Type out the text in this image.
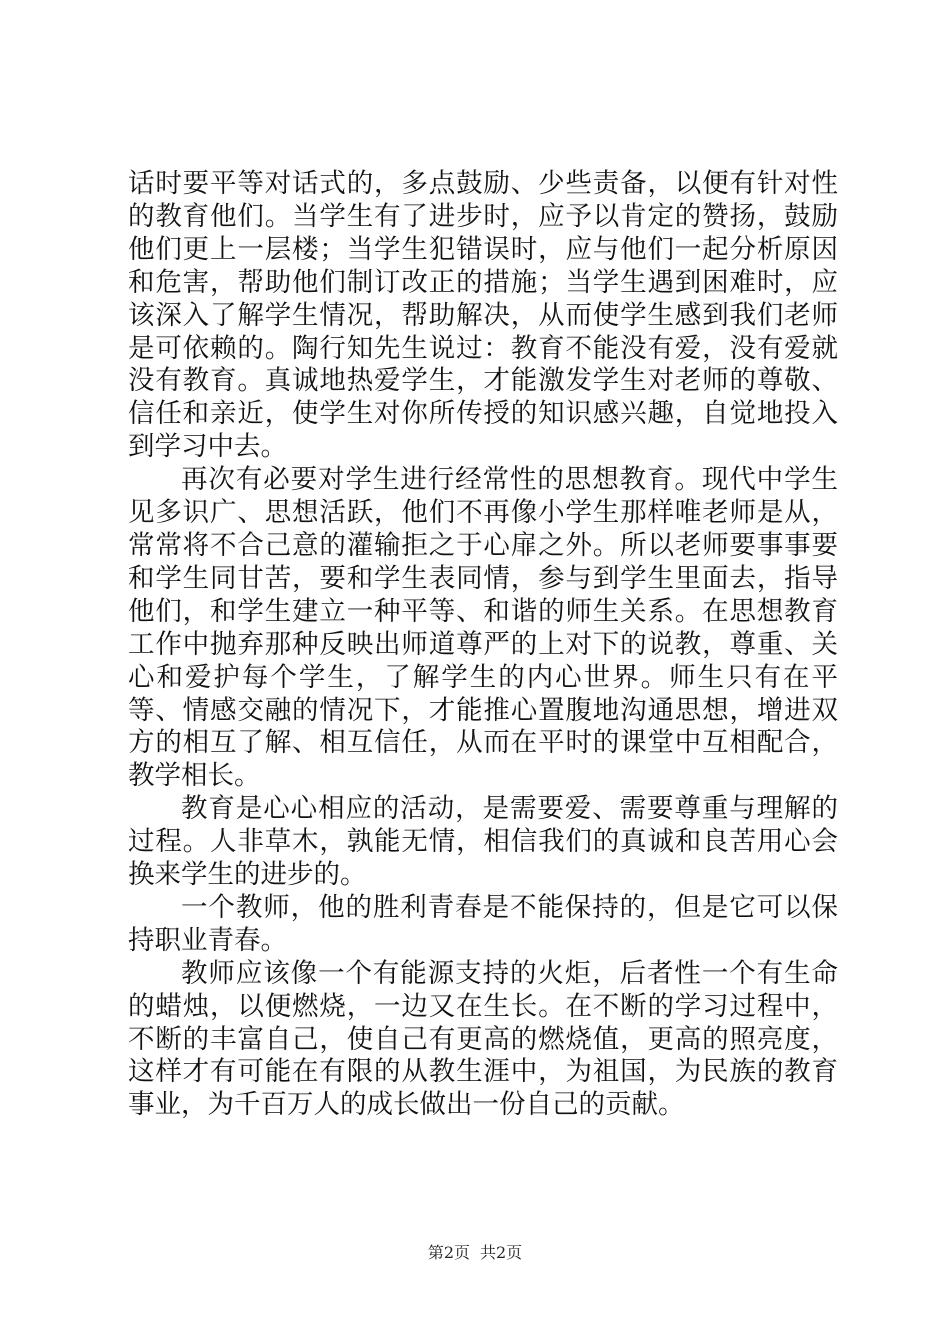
话时要平等对话式的，多点鼓励、少些责备，以便有针对性的教育他们。当学生有了进步时，应予以肯定的赞扬，鼓励他们更上一层楼；当学生犯错误时，应与他们一起分析原因和危害，帮助他们制订改正的措施；当学生遇到困难时，应该深入了解学生情况，帮助解决，从而使学生感到我们老师是可依赖的。陶行知先生说过：教育不能没有爱，没有爱就没有教育。真诚地热爱学生，才能激发学生对老师的尊敬、信任和亲近，使学生对你所传授的知识感兴趣，自觉地投入到学习中去。

再次有必要对学生进行经常性的思想教育。现代中学生见多识广、思想活跃，他们不再像小学生那样唯老师是从，常常将不合己意的灌输拒之于心扉之外。所以老师要事事要和学生同甘苦，要和学生表同情，参与到学生里面去，指导他们，和学生建立一种平等、和谐的师生关系。在思想教育工作中抛弃那种反映出师道尊严的上对下的说教，尊重、关心和爱护每个学生，了解学生的内心世界。师生只有在平等、情感交融的情况下，才能推心置腹地沟通思想，增进双方的相互了解、相互信任，从而在平时的课堂中互相配合，教学相长。

教育是心心相应的活动，是需要爱、需要尊重与理解的过程。人非草木，孰能无情，相信我们的真诚和良苦用心会换来学生的进步的。

一个教师，他的胜利青春是不能保持的，但是它可以保持职业青春。

教师应该像一个有能源支持的火炬，后者性一个有生命的蜡烛，以便燃烧，一边又在生长。在不断的学习过程中，不断的丰富自己，使自己有更高的燃烧值，更高的照亮度，这样才有可能在有限的从教生涯中，为祖国，为民族的教育事业，为千百万人的成长做出一份自己的贡献。

第2页 共2页
